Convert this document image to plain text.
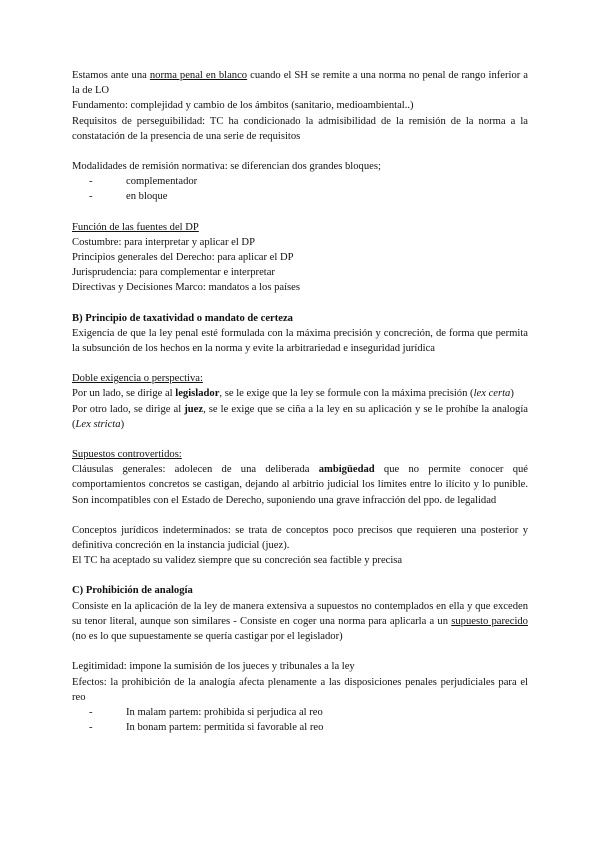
Estamos ante una norma penal en blanco cuando el SH se remite a una norma no penal de rango inferior a la de LO

Fundamento: complejidad y cambio de los ámbitos (sanitario, medioambiental..)

Requisitos de perseguibilidad: TC ha condicionado la admisibilidad de la remisión de la norma a la constatación de la presencia de una serie de requisitos

Modalidades de remisión normativa: se diferencian dos grandes bloques;

-	complementador
-	en bloque

Función de las fuentes del DP

Costumbre: para interpretar y aplicar el DP

Principios generales del Derecho: para aplicar el DP

Jurisprudencia: para complementar e interpretar

Directivas y Decisiones Marco: mandatos a los países

B) Principio de taxatividad o mandato de certeza

Exigencia de que la ley penal esté formulada con la máxima precisión y concreción, de forma que permita la subsunción de los hechos en la norma y evite la arbitrariedad e inseguridad jurídica

Doble exigencia o perspectiva:

Por un lado, se dirige al legislador, se le exige que la ley se formule con la máxima precisión (lex certa)

Por otro lado, se dirige al juez, se le exige que se ciña a la ley en su aplicación y se le prohíbe la analogía (Lex stricta)

Supuestos controvertidos:

Cláusulas generales: adolecen de una deliberada ambigüedad que no permite conocer qué comportamientos concretos se castigan, dejando al arbitrio judicial los límites entre lo ilícito y lo punible. Son incompatibles con el Estado de Derecho, suponiendo una grave infracción del ppo. de legalidad

Conceptos jurídicos indeterminados: se trata de conceptos poco precisos que requieren una posterior y definitiva concreción en la instancia judicial (juez).

El TC ha aceptado su validez siempre que su concreción sea factible y precisa

C) Prohibición de analogía

Consiste en la aplicación de la ley de manera extensiva a supuestos no contemplados en ella y que exceden su tenor literal, aunque son similares - Consiste en coger una norma para aplicarla a un supuesto parecido (no es lo que supuestamente se quería castigar por el legislador)

Legitimidad: impone la sumisión de los jueces y tribunales a la ley

Efectos: la prohibición de la analogía afecta plenamente a las disposiciones penales perjudiciales para el reo

-	In malam partem: prohibida si perjudica al reo
-	In bonam partem: permitida si favorable al reo
